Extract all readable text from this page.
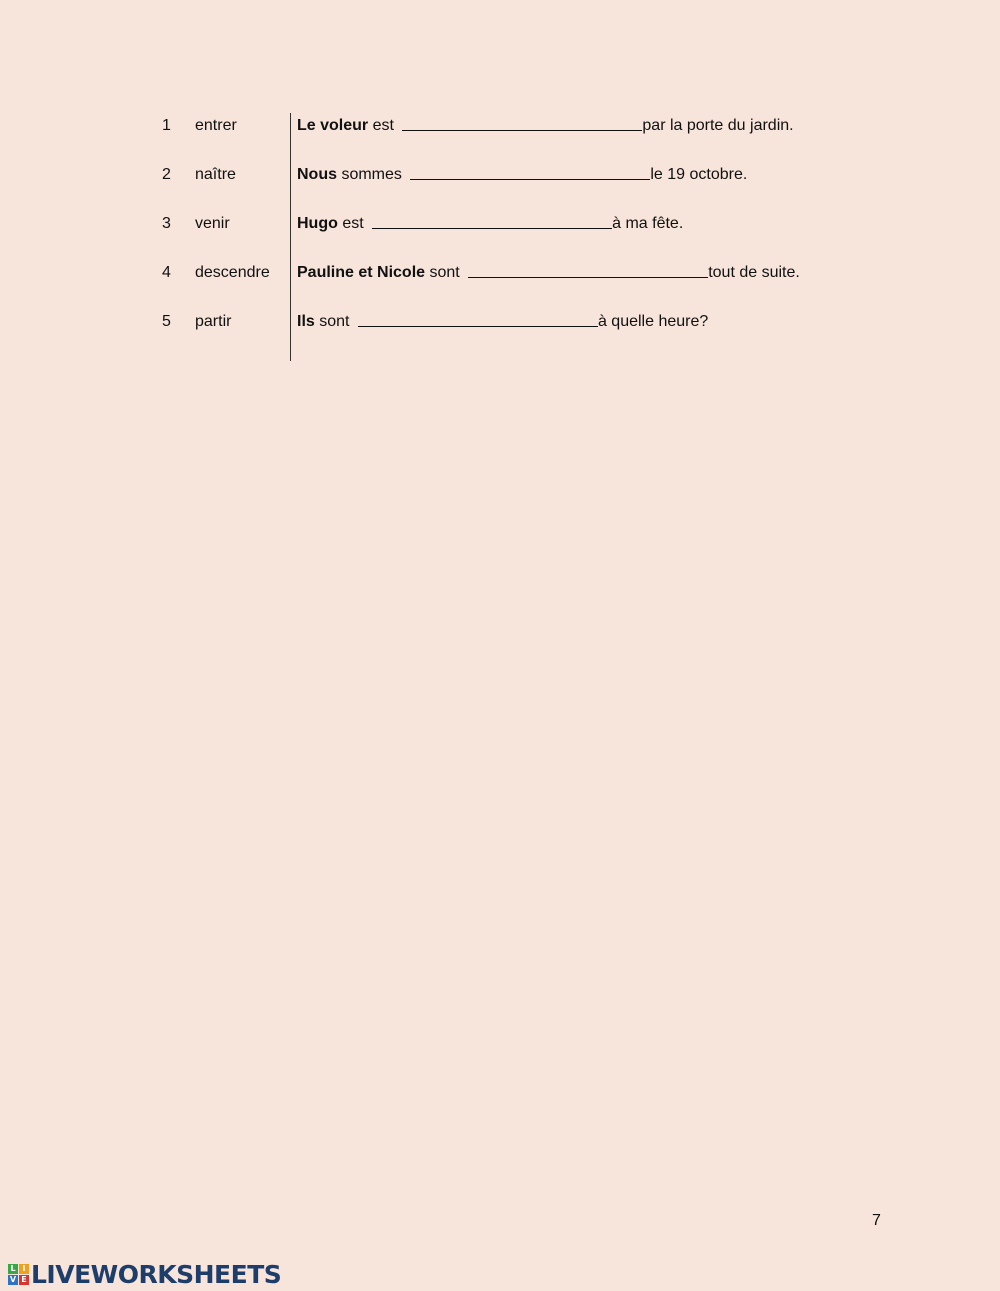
1	entrer	Le voleur est	par la porte du jardin.
2	naître	Nous sommes	le 19 octobre.
3	venir	Hugo est	à ma fête.
4	descendre	Pauline et Nicole sont	tout de suite.
5	partir	Ils sont	à quelle heure?
7
L I
V E LIVEWORKSHEETS
